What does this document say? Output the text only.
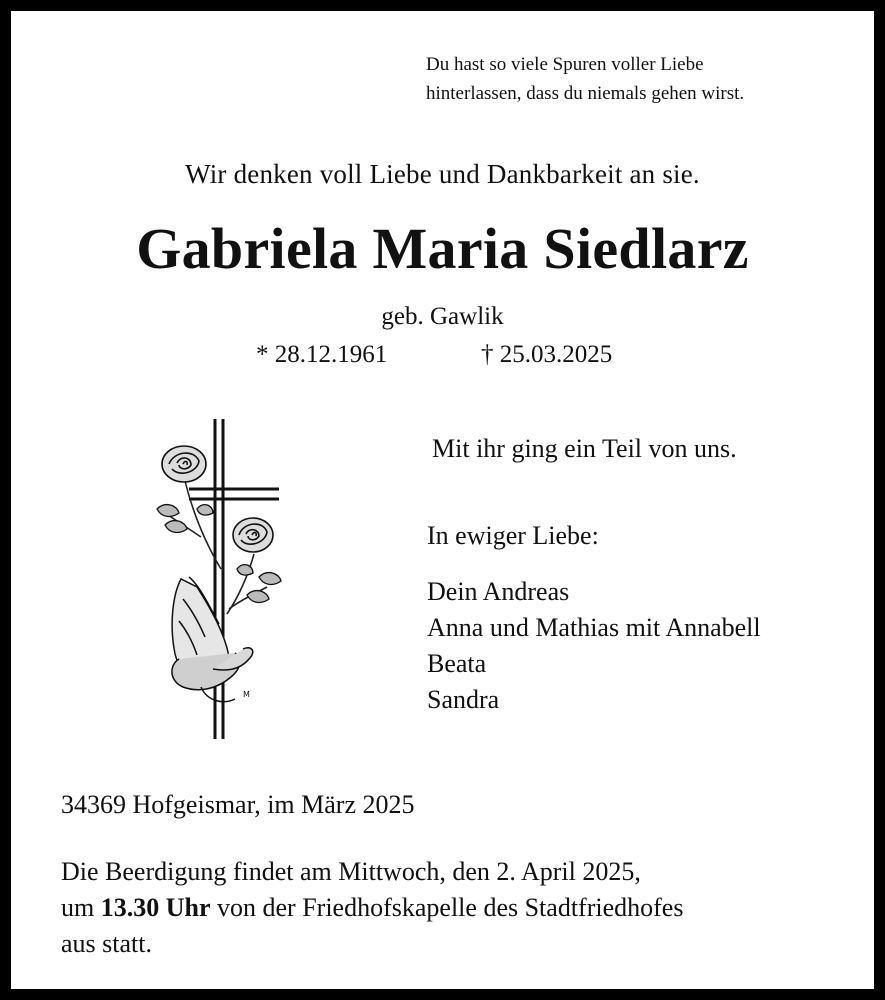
Du hast so viele Spuren voller Liebe
hinterlassen, dass du niemals gehen wirst.
Wir denken voll Liebe und Dankbarkeit an sie.
Gabriela Maria Siedlarz
geb. Gawlik
* 28.12.1961	† 25.03.2025
M
Mit ihr ging ein Teil von uns.
In ewiger Liebe:
Dein Andreas
Anna und Mathias mit Annabell
Beata
Sandra
34369 Hofgeismar, im März 2025
Die Beerdigung findet am Mittwoch, den 2. April 2025,
um 13.30 Uhr von der Friedhofskapelle des Stadtfriedhofes
aus statt.
